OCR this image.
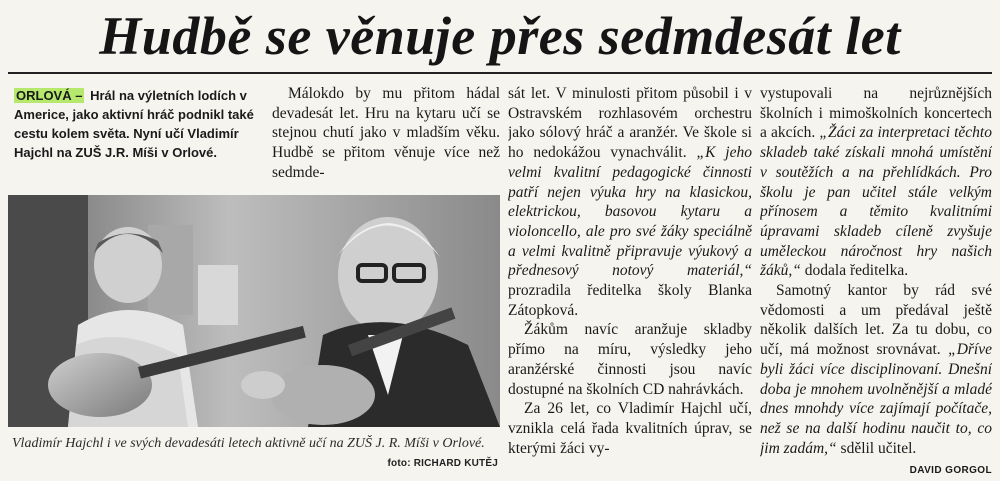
Hudbě se věnuje přes sedmdesát let
ORLOVÁ – Hrál na výletních lodích v Americe, jako aktivní hráč podnikl také cestu kolem světa. Nyní učí Vladimír Hajchl na ZUŠ J.R. Míši v Orlové.

Málokdo by mu přitom hádal devadesát let. Hru na kytaru učí se stejnou chutí jako v mladším věku. Hudbě se přitom věnuje více než sedmde-

sát let. V minulosti přitom působil i v Ostravském rozhlasovém orchestru jako sólový hráč a aranžér. Ve škole si ho nedokážou vynachválit. „K jeho velmi kvalitní pedagogické činnosti patří nejen výuka hry na klasickou, elektrickou, basovou kytaru a violoncello, ale pro své žáky speciálně a velmi kvalitně připravuje výukový a přednesový notový materiál,“ prozradila ředitelka školy Blanka Zátopková.

Žákům navíc aranžuje skladby přímo na míru, výsledky jeho aranžérské činnosti jsou navíc dostupné na školních CD nahrávkách.

Za 26 let, co Vladimír Hajchl učí, vznikla celá řada kvalitních úprav, se kterými žáci vy-

vystupovali na nejrůznějších školních i mimoškolních koncertech a akcích. „Žáci za interpretaci těchto skladeb také získali mnohá umístění v soutěžích a na přehlídkách. Pro školu je pan učitel stále velkým přínosem a těmito kvalitními úpravami skladeb cíleně zvyšuje uměleckou náročnost hry našich žáků,“ dodala ředitelka.

Samotný kantor by rád své vědomosti a um předával ještě několik dalších let. Za tu dobu, co učí, má možnost srovnávat. „Dříve byli žáci více disciplinovaní. Dnešní doba je mnohem uvolněnější a mladé dnes mnohdy více zajímají počítače, než se na další hodinu naučit to, co jim zadám,“ sdělil učitel.

Vladimír Hajchl i ve svých devadesáti letech aktivně učí na ZUŠ J. R. Míši v Orlové.
foto: RICHARD KUTĚJ
DAVID GORGOL
